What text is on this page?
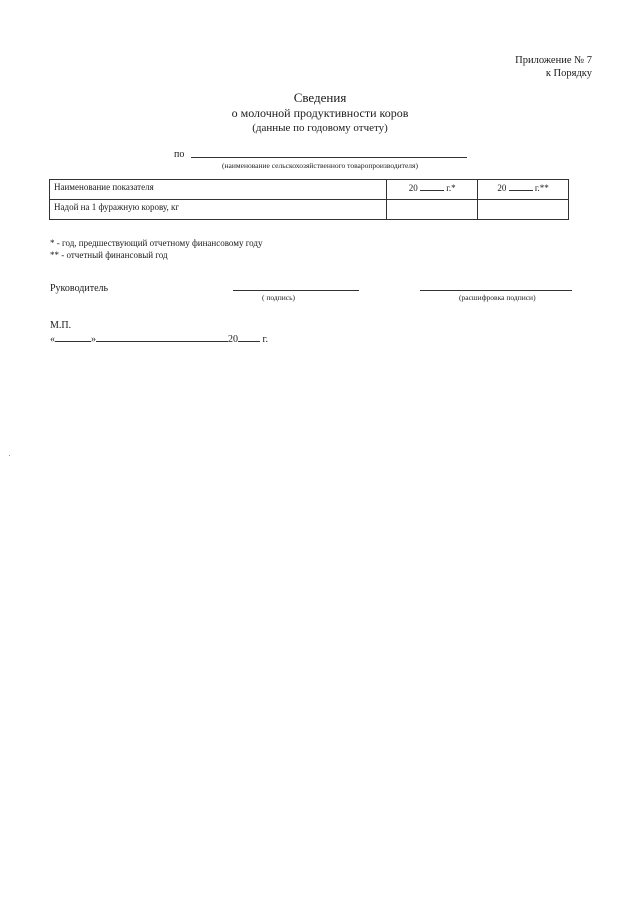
Приложение № 7
к Порядку
Сведения
о молочной продуктивности коров
(данные по годовому отчету)
по
(наименование сельскохозяйственного товаропроизводителя)
Наименование показателя	20 г.*	20 г.**
Надой на 1 фуражную корову, кг		
* - год, предшествующий отчетному финансовому году
** - отчетный финансовый год
Руководитель
( подпись)	(расшифровка подписи)
М.П.
«	»	20 г.
